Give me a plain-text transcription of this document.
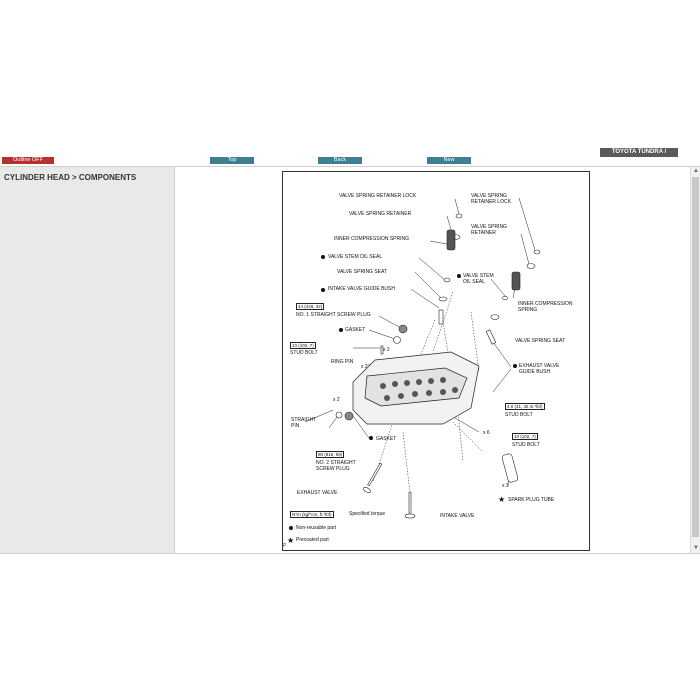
Outline OFF	Top	Back	New
TOYOTA TUNDRA /
CYLINDER HEAD > COMPONENTS
▲
▼
★
★
VALVE SPRING RETAINER LOCK	VALVE SPRING
RETAINER LOCK
VALVE SPRING RETAINER
VALVE SPRING
RETAINER
INNER COMPRESSION SPRING
VALVE STEM OIL SEAL
VALVE SPRING SEAT
VALVE STEM
OIL SEAL
INTAKE VALVE GUIDE BUSH
INNER COMPRESSION
SPRING
44 (449, 32)
NO. 1 STRAIGHT SCREW PLUG
GASKET
VALVE SPRING SEAT
10 (102, 7)
STUD BOLT	x 2
RING PIN
x 2	EXHAUST VALVE
GUIDE BUSH
x 2
4.0 (41, 35 in.*lbf)
STUD BOLT
STRAIGHT
PIN
x 6
GASKET	10 (102, 7)
STUD BOLT
80 (816, 59)
NO. 2 STRAIGHT
SCREW PLUG
x 3
EXHAUST VALVE
SPARK PLUG TUBE
N*m (kgf*cm, ft.*lbf)	Specified torque	INTAKE VALVE
Non-reusable part
Precoated part
P
